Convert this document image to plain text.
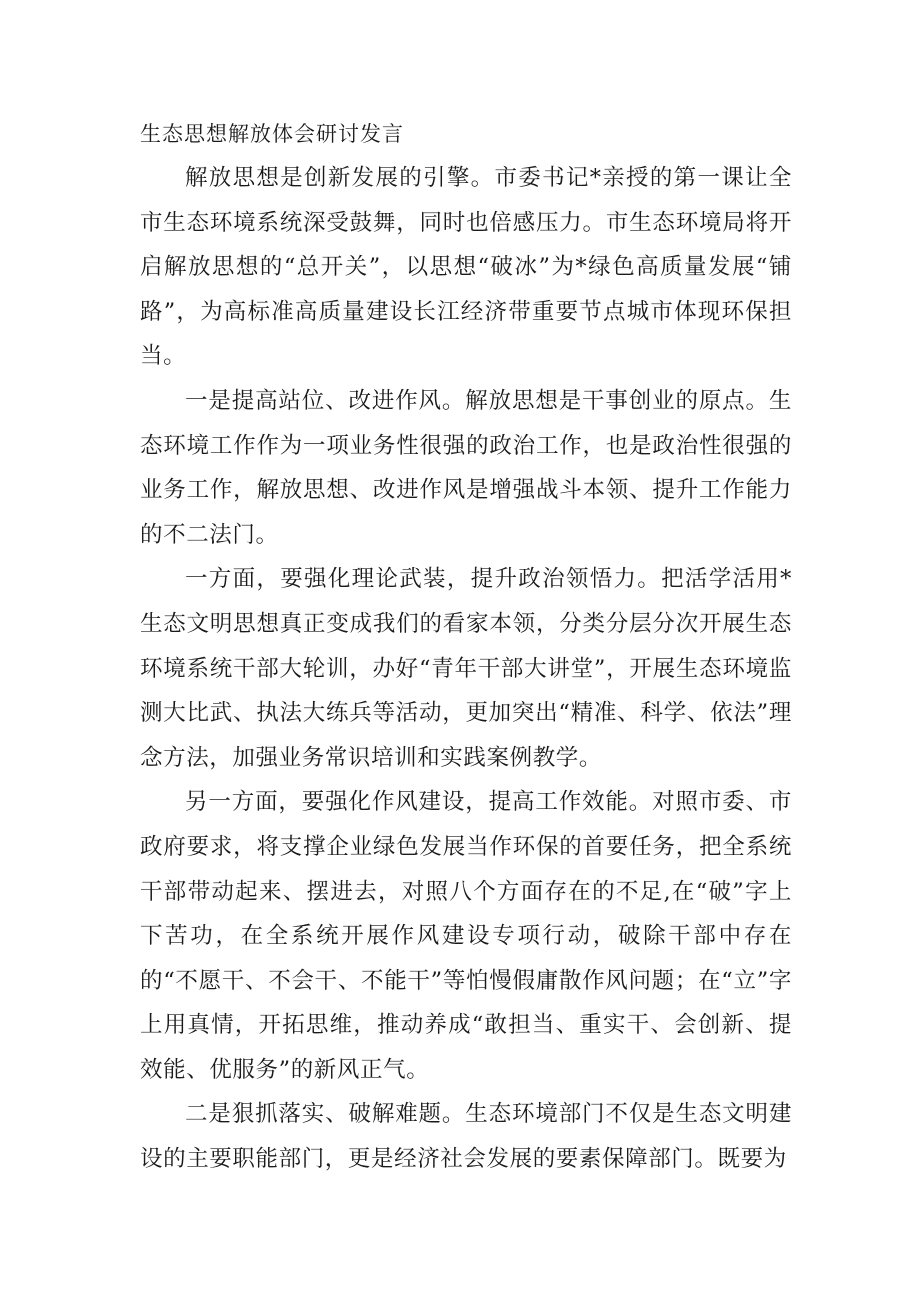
生态思想解放体会研讨发言

解放思想是创新发展的引擎。市委书记*亲授的第一课让全市生态环境系统深受鼓舞，同时也倍感压力。市生态环境局将开启解放思想的“总开关”，以思想“破冰”为*绿色高质量发展“铺路”，为高标准高质量建设长江经济带重要节点城市体现环保担当。

一是提高站位、改进作风。解放思想是干事创业的原点。生态环境工作作为一项业务性很强的政治工作，也是政治性很强的业务工作，解放思想、改进作风是增强战斗本领、提升工作能力的不二法门。

一方面，要强化理论武装，提升政治领悟力。把活学活用*生态文明思想真正变成我们的看家本领，分类分层分次开展生态环境系统干部大轮训，办好“青年干部大讲堂”，开展生态环境监测大比武、执法大练兵等活动，更加突出“精准、科学、依法”理念方法，加强业务常识培训和实践案例教学。

另一方面，要强化作风建设，提高工作效能。对照市委、市政府要求，将支撑企业绿色发展当作环保的首要任务，把全系统干部带动起来、摆进去，对照八个方面存在的不足,在“破”字上下苦功，在全系统开展作风建设专项行动，破除干部中存在的“不愿干、不会干、不能干”等怕慢假庸散作风问题；在“立”字上用真情，开拓思维，推动养成“敢担当、重实干、会创新、提效能、优服务”的新风正气。

二是狠抓落实、破解难题。生态环境部门不仅是生态文明建设的主要职能部门，更是经济社会发展的要素保障部门。既要为
